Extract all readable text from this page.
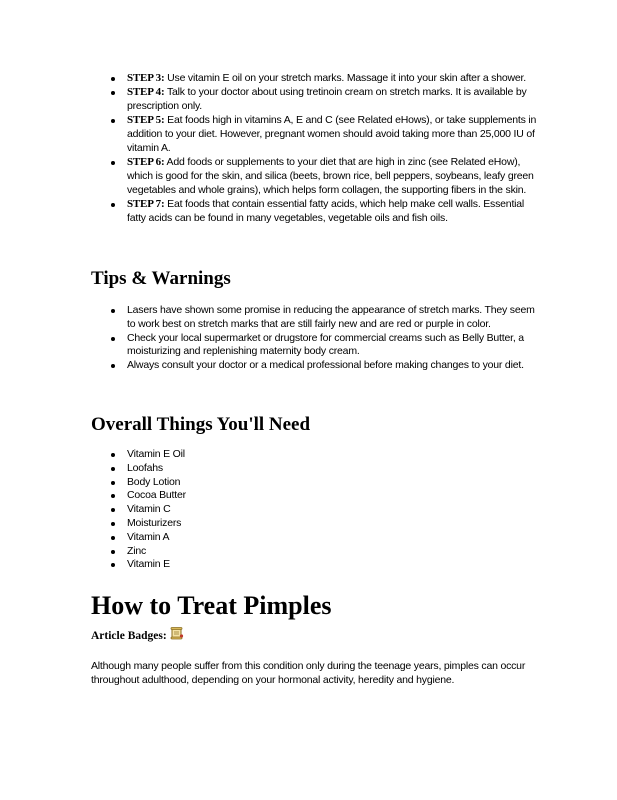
STEP 3: Use vitamin E oil on your stretch marks. Massage it into your skin after a shower.
STEP 4: Talk to your doctor about using tretinoin cream on stretch marks. It is available by prescription only.
STEP 5: Eat foods high in vitamins A, E and C (see Related eHows), or take supplements in addition to your diet. However, pregnant women should avoid taking more than 25,000 IU of vitamin A.
STEP 6: Add foods or supplements to your diet that are high in zinc (see Related eHow), which is good for the skin, and silica (beets, brown rice, bell peppers, soybeans, leafy green vegetables and whole grains), which helps form collagen, the supporting fibers in the skin.
STEP 7: Eat foods that contain essential fatty acids, which help make cell walls. Essential fatty acids can be found in many vegetables, vegetable oils and fish oils.
Tips & Warnings
Lasers have shown some promise in reducing the appearance of stretch marks. They seem to work best on stretch marks that are still fairly new and are red or purple in color.
Check your local supermarket or drugstore for commercial creams such as Belly Butter, a moisturizing and replenishing maternity body cream.
Always consult your doctor or a medical professional before making changes to your diet.
Overall Things You'll Need
Vitamin E Oil
Loofahs
Body Lotion
Cocoa Butter
Vitamin C
Moisturizers
Vitamin A
Zinc
Vitamin E
How to Treat Pimples
Article Badges:

Although many people suffer from this condition only during the teenage years, pimples can occur throughout adulthood, depending on your hormonal activity, heredity and hygiene.
